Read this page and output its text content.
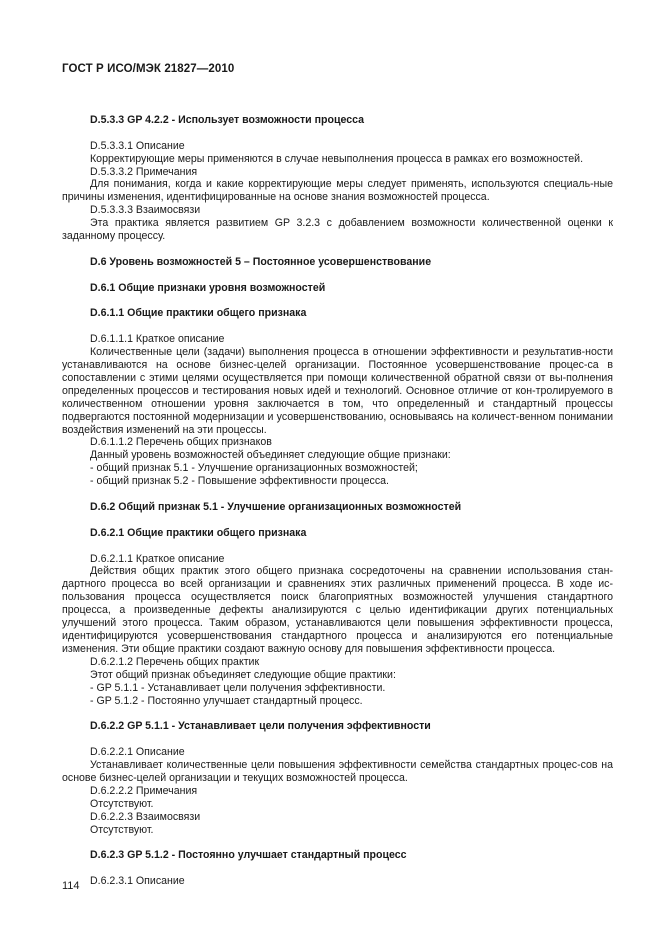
ГОСТ Р ИСО/МЭК 21827—2010
D.5.3.3 GP 4.2.2 - Использует возможности процесса
D.5.3.3.1 Описание
Корректирующие меры применяются в случае невыполнения процесса в рамках его возможностей.
D.5.3.3.2 Примечания
Для понимания, когда и какие корректирующие меры следует применять, используются специаль-ные причины изменения, идентифицированные на основе знания возможностей процесса.
D.5.3.3.3 Взаимосвязи
Эта практика является развитием GP 3.2.3 с добавлением возможности количественной оценки к заданному процессу.
D.6 Уровень возможностей 5 – Постоянное усовершенствование
D.6.1 Общие признаки уровня возможностей
D.6.1.1 Общие практики общего признака
D.6.1.1.1 Краткое описание
Количественные цели (задачи) выполнения процесса в отношении эффективности и результатив-ности устанавливаются на основе бизнес-целей организации. Постоянное усовершенствование процес-са в сопоставлении с этими целями осуществляется при помощи количественной обратной связи от вы-полнения определенных процессов и тестирования новых идей и технологий. Основное отличие от кон-тролируемого в количественном отношении уровня заключается в том, что определенный и стандартный процессы подвергаются постоянной модернизации и усовершенствованию, основываясь на количест-венном понимании воздействия изменений на эти процессы.
D.6.1.1.2 Перечень общих признаков
Данный уровень возможностей объединяет следующие общие признаки:
- общий признак 5.1 - Улучшение организационных возможностей;
- общий признак 5.2 - Повышение эффективности процесса.
D.6.2 Общий признак 5.1 - Улучшение организационных возможностей
D.6.2.1 Общие практики общего признака
D.6.2.1.1 Краткое описание
Действия общих практик этого общего признака сосредоточены на сравнении использования стан-дартного процесса во всей организации и сравнениях этих различных применений процесса. В ходе ис-пользования процесса осуществляется поиск благоприятных возможностей улучшения стандартного процесса, а произведенные дефекты анализируются с целью идентификации других потенциальных улучшений этого процесса. Таким образом, устанавливаются цели повышения эффективности процесса, идентифицируются усовершенствования стандартного процесса и анализируются его потенциальные изменения. Эти общие практики создают важную основу для повышения эффективности процесса.
D.6.2.1.2 Перечень общих практик
Этот общий признак объединяет следующие общие практики:
- GP 5.1.1 - Устанавливает цели получения эффективности.
- GP 5.1.2 - Постоянно улучшает стандартный процесс.
D.6.2.2 GP 5.1.1 - Устанавливает цели получения эффективности
D.6.2.2.1 Описание
Устанавливает количественные цели повышения эффективности семейства стандартных процес-сов на основе бизнес-целей организации и текущих возможностей процесса.
D.6.2.2.2 Примечания
Отсутствуют.
D.6.2.2.3 Взаимосвязи
Отсутствуют.
D.6.2.3 GP 5.1.2 - Постоянно улучшает стандартный процесс
D.6.2.3.1 Описание
114
